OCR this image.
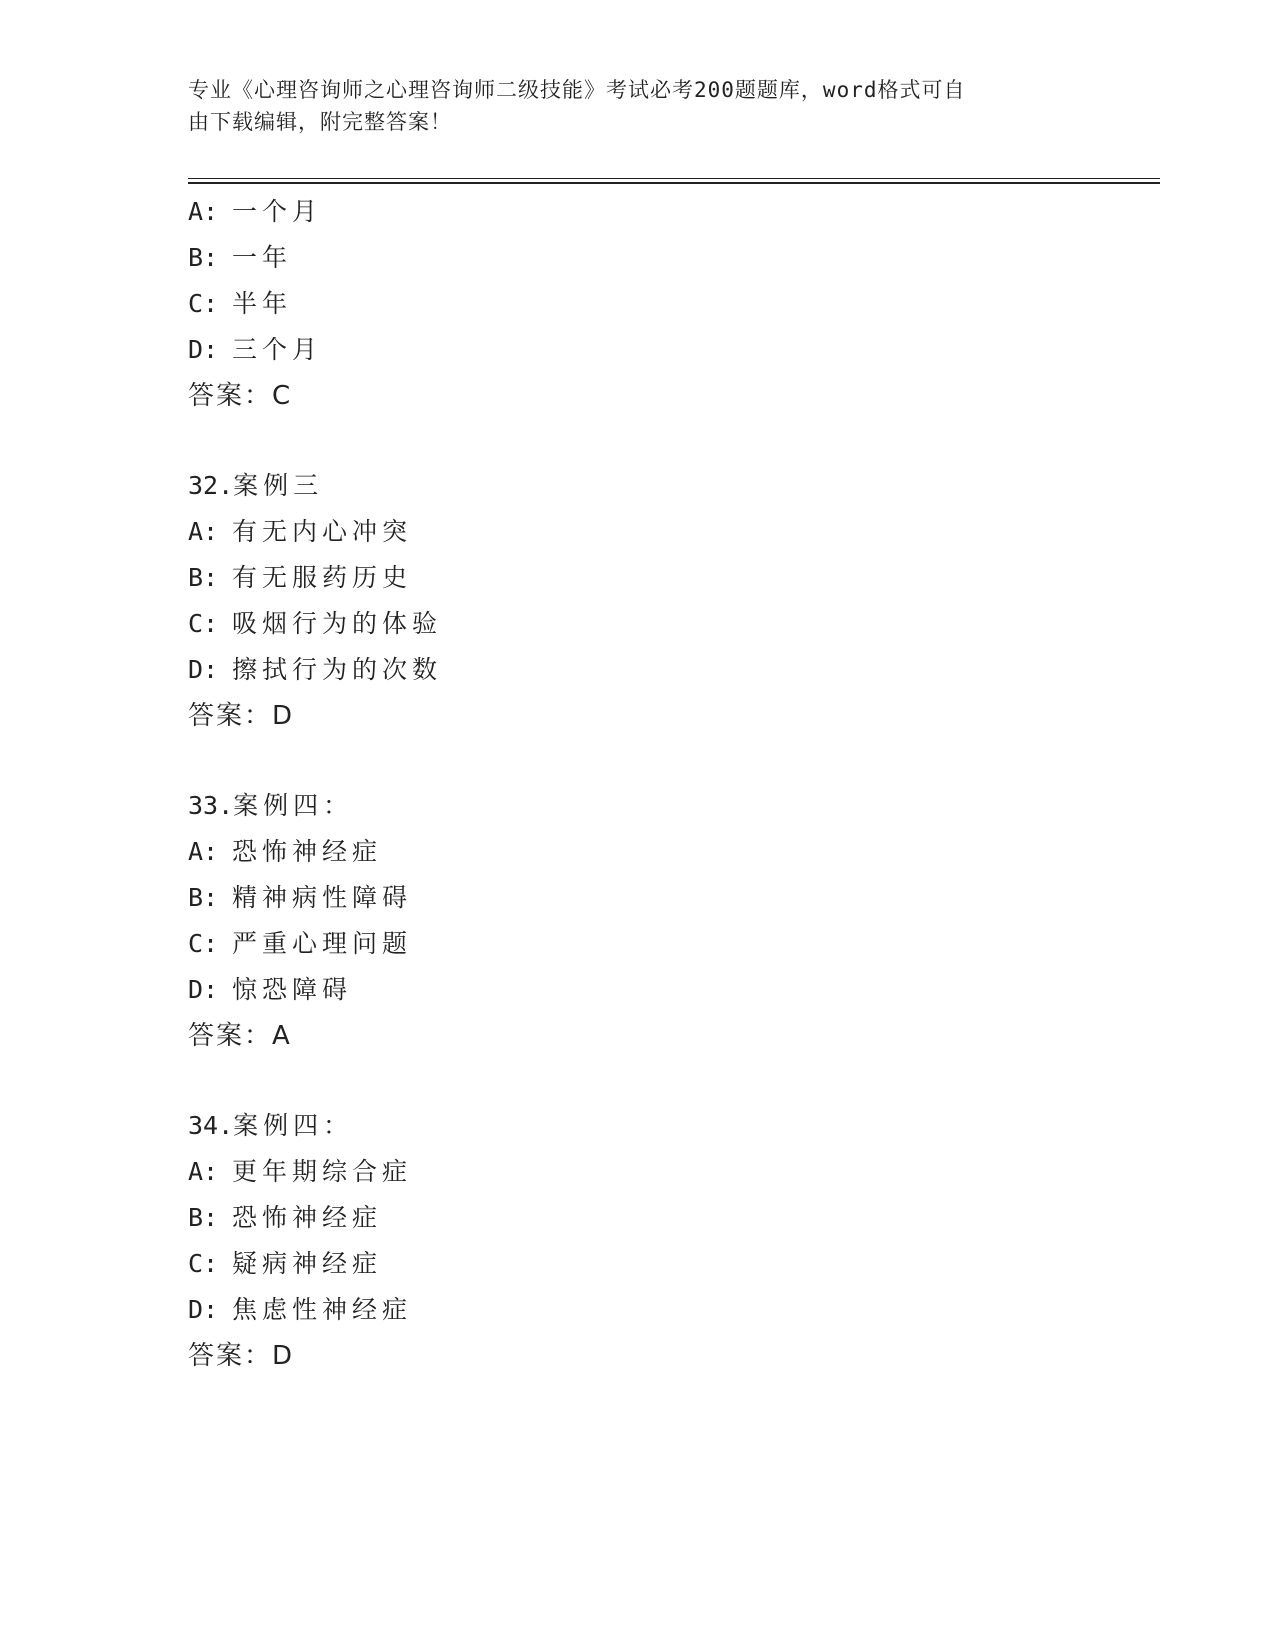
专业《心理咨询师之心理咨询师二级技能》考试必考200题题库，word格式可自
由下载编辑，附完整答案！
A: 一个月
B: 一年
C: 半年
D: 三个月
答案：C
32.案例三
A: 有无内心冲突
B: 有无服药历史
C: 吸烟行为的体验
D: 擦拭行为的次数
答案：D
33.案例四：
A: 恐怖神经症
B: 精神病性障碍
C: 严重心理问题
D: 惊恐障碍
答案：A
34.案例四：
A: 更年期综合症
B: 恐怖神经症
C: 疑病神经症
D: 焦虑性神经症
答案：D
